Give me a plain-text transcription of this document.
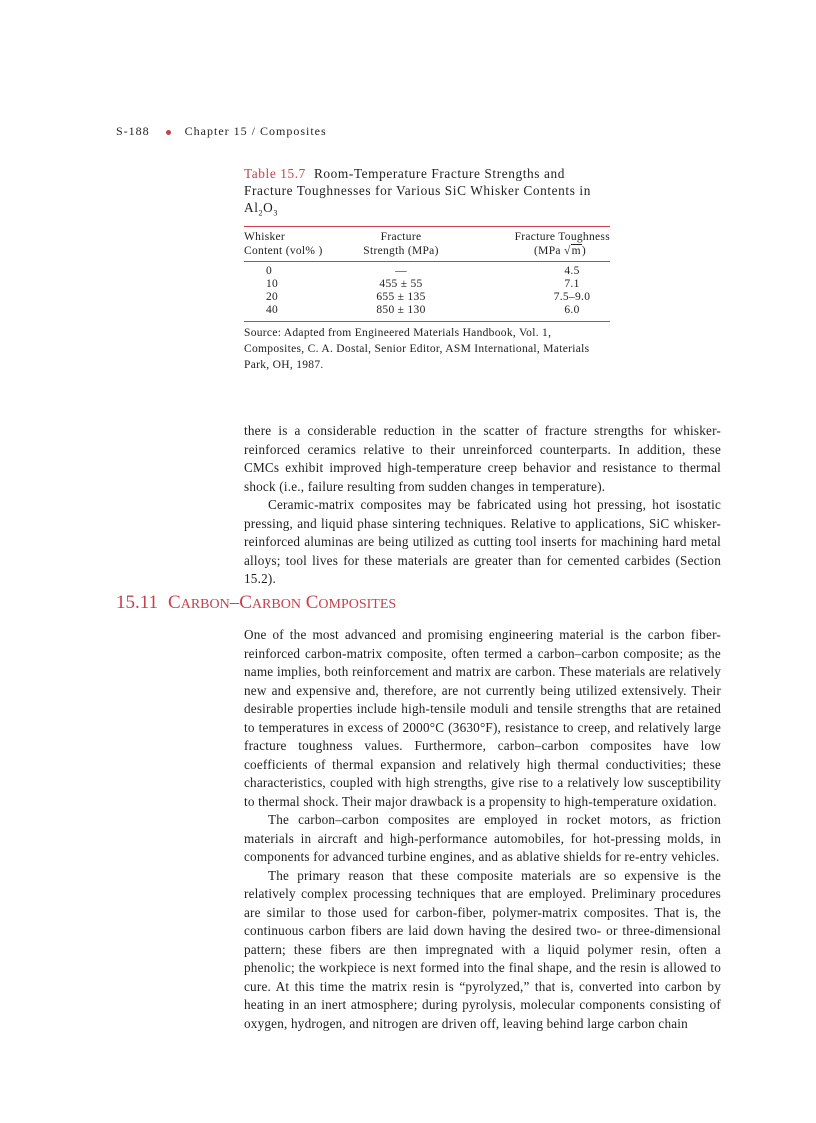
S-188	Chapter 15 / Composites
Table 15.7 Room-Temperature Fracture Strengths and Fracture Toughnesses for Various SiC Whisker Contents in $Al_2O_3$
Whisker
Content (vol% )

Fracture
Strength (MPa)

Fracture Toughness
(MPa √m)
0	—	4.5
10	455 ± 55	7.1
20	655 ± 135	7.5–9.0
40	850 ± 130	6.0
Source: Adapted from Engineered Materials Handbook, Vol. 1, Composites, C. A. Dostal, Senior Editor, ASM International, Materials Park, OH, 1987.

there is a considerable reduction in the scatter of fracture strengths for whisker-reinforced ceramics relative to their unreinforced counterparts. In addition, these CMCs exhibit improved high-temperature creep behavior and resistance to thermal shock (i.e., failure resulting from sudden changes in temperature).

Ceramic-matrix composites may be fabricated using hot pressing, hot isostatic pressing, and liquid phase sintering techniques. Relative to applications, SiC whisker-reinforced aluminas are being utilized as cutting tool inserts for machining hard metal alloys; tool lives for these materials are greater than for cemented carbides (Section 15.2).

15.11 CARBON–CARBON COMPOSITES

One of the most advanced and promising engineering material is the carbon fiber-reinforced carbon-matrix composite, often termed a carbon–carbon composite; as the name implies, both reinforcement and matrix are carbon. These materials are relatively new and expensive and, therefore, are not currently being utilized extensively. Their desirable properties include high-tensile moduli and tensile strengths that are retained to temperatures in excess of 2000°C (3630°F), resistance to creep, and relatively large fracture toughness values. Furthermore, carbon–carbon composites have low coefficients of thermal expansion and relatively high thermal conductivities; these characteristics, coupled with high strengths, give rise to a relatively low susceptibility to thermal shock. Their major drawback is a propensity to high-temperature oxidation.

The carbon–carbon composites are employed in rocket motors, as friction materials in aircraft and high-performance automobiles, for hot-pressing molds, in components for advanced turbine engines, and as ablative shields for re-entry vehicles.

The primary reason that these composite materials are so expensive is the relatively complex processing techniques that are employed. Preliminary procedures are similar to those used for carbon-fiber, polymer-matrix composites. That is, the continuous carbon fibers are laid down having the desired two- or three-dimensional pattern; these fibers are then impregnated with a liquid polymer resin, often a phenolic; the workpiece is next formed into the final shape, and the resin is allowed to cure. At this time the matrix resin is “pyrolyzed,” that is, converted into carbon by heating in an inert atmosphere; during pyrolysis, molecular components consisting of oxygen, hydrogen, and nitrogen are driven off, leaving behind large carbon chain
